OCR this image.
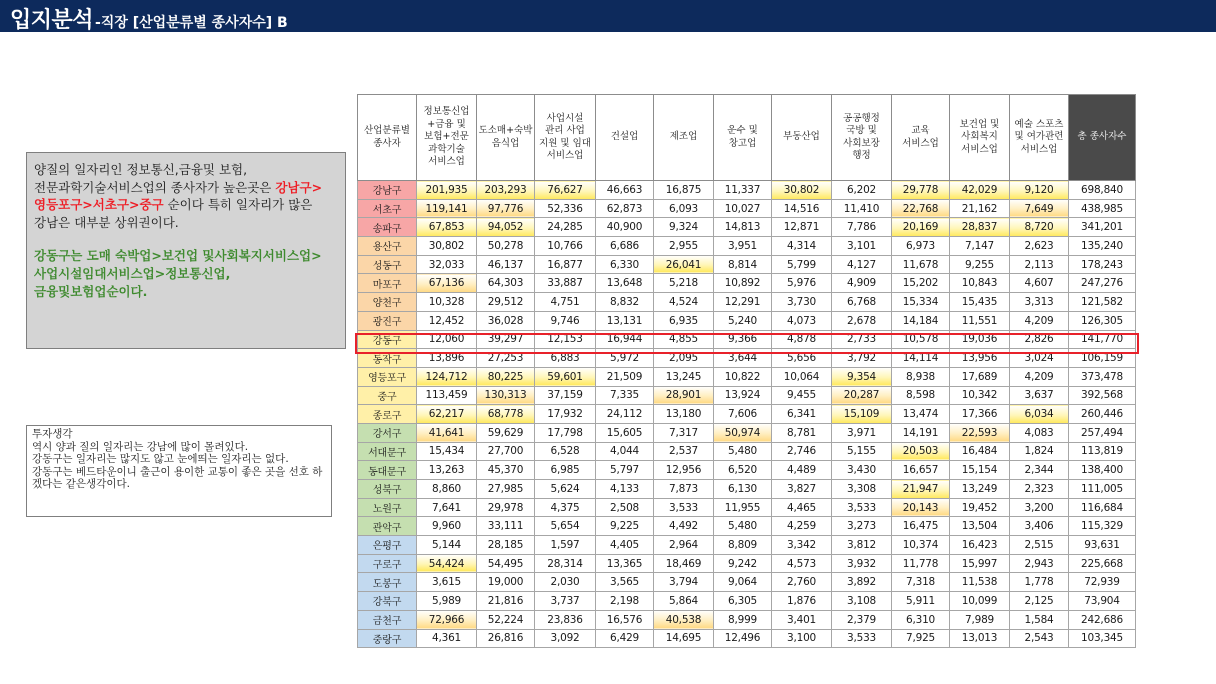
입지분석 -직장 [산업분류별 종사자수] B
양질의 일자리인 정보통신,금융및 보험,전문과학기술서비스업의 종사자가 높은곳은 강남구>영등포구>서초구>중구 순이다 특히 일자리가 많은 강남은 대부분 상위권이다.
강동구는 도매 숙박업>보건업 및사회복지서비스업>사업시설임대서비스업>정보통신업,금융및보험업순이다.
투자생각
역시 양과 질의 일자리는 강남에 많이 몰려있다.
강동구는 일자리는 많지도 않고 눈에띄는 일자리는 없다.
강동구는 베드타운이니 출근이 용이한 교통이 좋은 곳을 선호 하겠다는 같은생각이다.
산업분류별 종사자	정보통신업 +금융 및 보험+전문 과학기술 서비스업	도소매+숙박 음식업	사업시설 관리 사업 지원 및 임대 서비스업	건설업	제조업	운수 및 창고업	부동산업	공공행정 국방 및 사회보장 행정	교육 서비스업	보건업 및 사회복지 서비스업	예술 스포츠 및 여가관련 서비스업	총 종사자수
강남구	201,935	203,293	76,627	46,663	16,875	11,337	30,802	6,202	29,778	42,029	9,120	698,840
서초구	119,141	97,776	52,336	62,873	6,093	10,027	14,516	11,410	22,768	21,162	7,649	438,985
송파구	67,853	94,052	24,285	40,900	9,324	14,813	12,871	7,786	20,169	28,837	8,720	341,201
용산구	30,802	50,278	10,766	6,686	2,955	3,951	4,314	3,101	6,973	7,147	2,623	135,240
성동구	32,033	46,137	16,877	6,330	26,041	8,814	5,799	4,127	11,678	9,255	2,113	178,243
마포구	67,136	64,303	33,887	13,648	5,218	10,892	5,976	4,909	15,202	10,843	4,607	247,276
양천구	10,328	29,512	4,751	8,832	4,524	12,291	3,730	6,768	15,334	15,435	3,313	121,582
광진구	12,452	36,028	9,746	13,131	6,935	5,240	4,073	2,678	14,184	11,551	4,209	126,305
강동구	12,060	39,297	12,153	16,944	4,855	9,366	4,878	2,733	10,578	19,036	2,826	141,770
동작구	13,896	27,253	6,883	5,972	2,095	3,644	5,656	3,792	14,114	13,956	3,024	106,159
영등포구	124,712	80,225	59,601	21,509	13,245	10,822	10,064	9,354	8,938	17,689	4,209	373,478
중구	113,459	130,313	37,159	7,335	28,901	13,924	9,455	20,287	8,598	10,342	3,637	392,568
종로구	62,217	68,778	17,932	24,112	13,180	7,606	6,341	15,109	13,474	17,366	6,034	260,446
강서구	41,641	59,629	17,798	15,605	7,317	50,974	8,781	3,971	14,191	22,593	4,083	257,494
서대문구	15,434	27,700	6,528	4,044	2,537	5,480	2,746	5,155	20,503	16,484	1,824	113,819
동대문구	13,263	45,370	6,985	5,797	12,956	6,520	4,489	3,430	16,657	15,154	2,344	138,400
성북구	8,860	27,985	5,624	4,133	7,873	6,130	3,827	3,308	21,947	13,249	2,323	111,005
노원구	7,641	29,978	4,375	2,508	3,533	11,955	4,465	3,533	20,143	19,452	3,200	116,684
관악구	9,960	33,111	5,654	9,225	4,492	5,480	4,259	3,273	16,475	13,504	3,406	115,329
은평구	5,144	28,185	1,597	4,405	2,964	8,809	3,342	3,812	10,374	16,423	2,515	93,631
구로구	54,424	54,495	28,314	13,365	18,469	9,242	4,573	3,932	11,778	15,997	2,943	225,668
도봉구	3,615	19,000	2,030	3,565	3,794	9,064	2,760	3,892	7,318	11,538	1,778	72,939
강북구	5,989	21,816	3,737	2,198	5,864	6,305	1,876	3,108	5,911	10,099	2,125	73,904
금천구	72,966	52,224	23,836	16,576	40,538	8,999	3,401	2,379	6,310	7,989	1,584	242,686
중랑구	4,361	26,816	3,092	6,429	14,695	12,496	3,100	3,533	7,925	13,013	2,543	103,345
